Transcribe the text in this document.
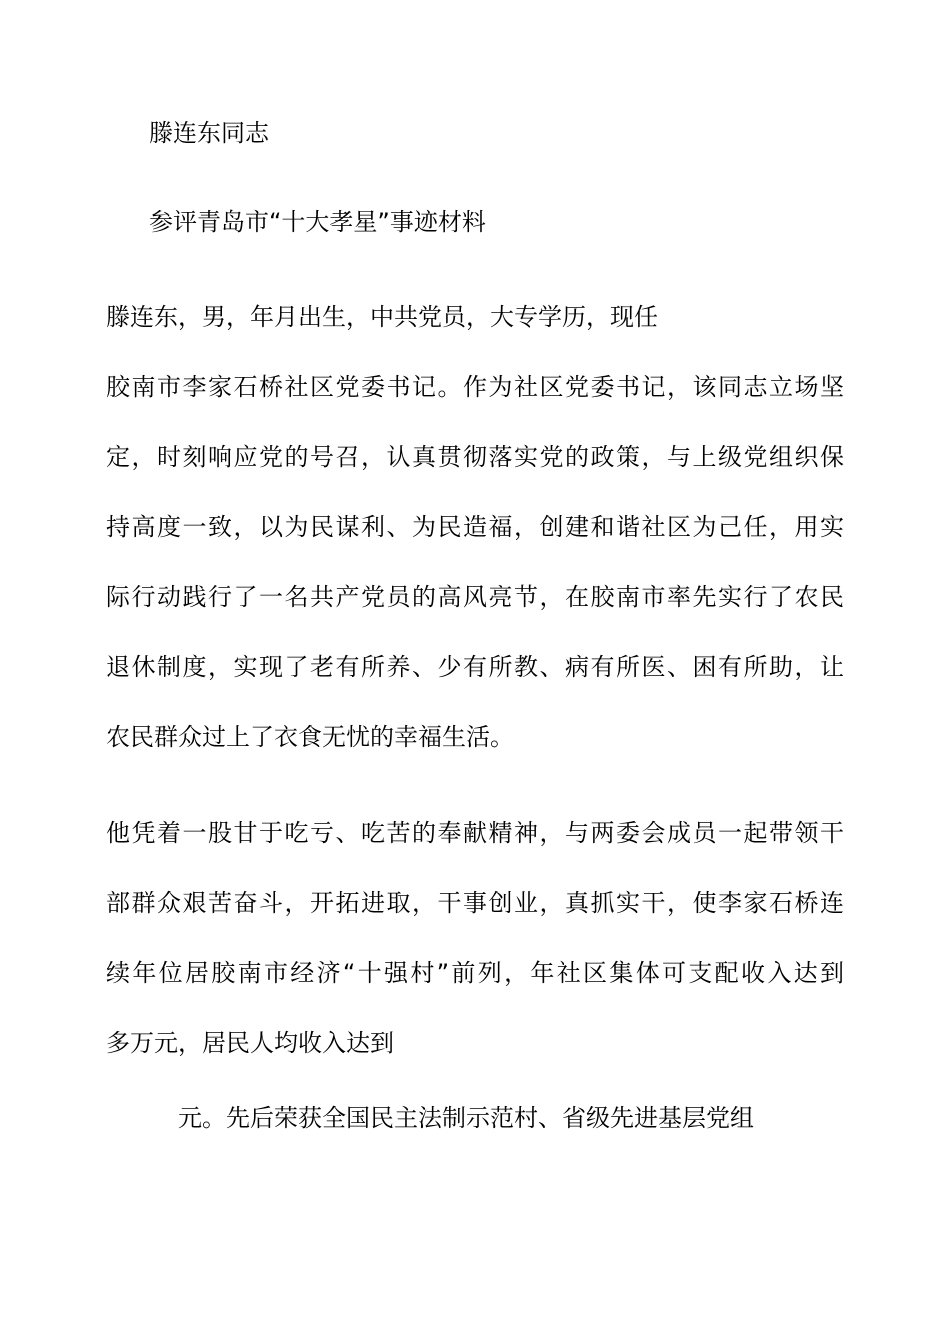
滕连东同志
参评青岛市“十大孝星”事迹材料
滕连东，男，年月出生，中共党员，大专学历，现任
胶南市李家石桥社区党委书记。作为社区党委书记，该同志立场坚
定，时刻响应党的号召，认真贯彻落实党的政策，与上级党组织保
持高度一致，以为民谋利、为民造福，创建和谐社区为己任，用实
际行动践行了一名共产党员的高风亮节，在胶南市率先实行了农民
退休制度，实现了老有所养、少有所教、病有所医、困有所助，让
农民群众过上了衣食无忧的幸福生活。
他凭着一股甘于吃亏、吃苦的奉献精神，与两委会成员一起带领干
部群众艰苦奋斗，开拓进取，干事创业，真抓实干，使李家石桥连
续年位居胶南市经济“十强村”前列，年社区集体可支配收入达到
多万元，居民人均收入达到
元。先后荣获全国民主法制示范村、省级先进基层党组
